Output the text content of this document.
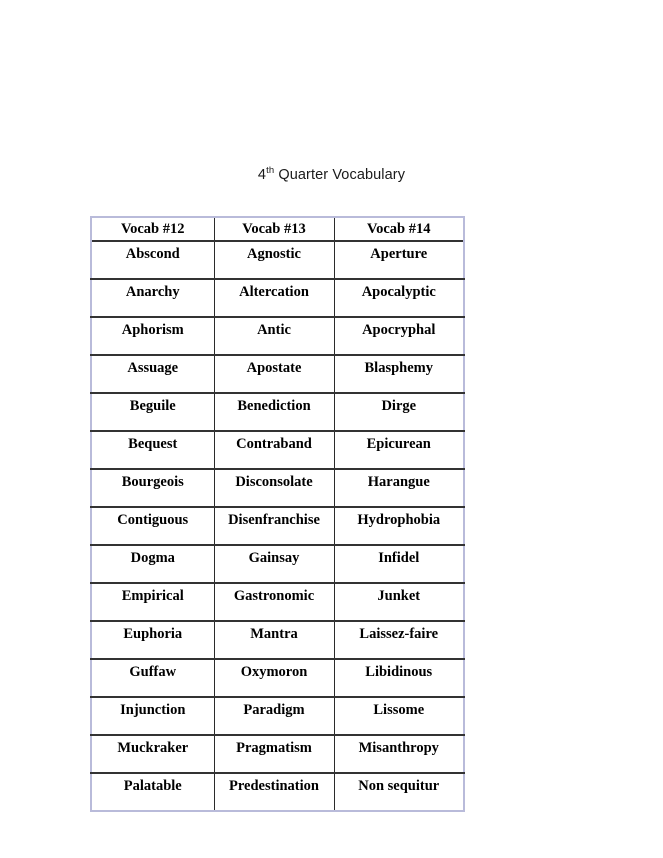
4th Quarter Vocabulary
Vocab #12	Vocab #13	Vocab #14
Abscond	Agnostic	Aperture
Anarchy	Altercation	Apocalyptic
Aphorism	Antic	Apocryphal
Assuage	Apostate	Blasphemy
Beguile	Benediction	Dirge
Bequest	Contraband	Epicurean
Bourgeois	Disconsolate	Harangue
Contiguous	Disenfranchise	Hydrophobia
Dogma	Gainsay	Infidel
Empirical	Gastronomic	Junket
Euphoria	Mantra	Laissez-faire
Guffaw	Oxymoron	Libidinous
Injunction	Paradigm	Lissome
Muckraker	Pragmatism	Misanthropy
Palatable	Predestination	Non sequitur
